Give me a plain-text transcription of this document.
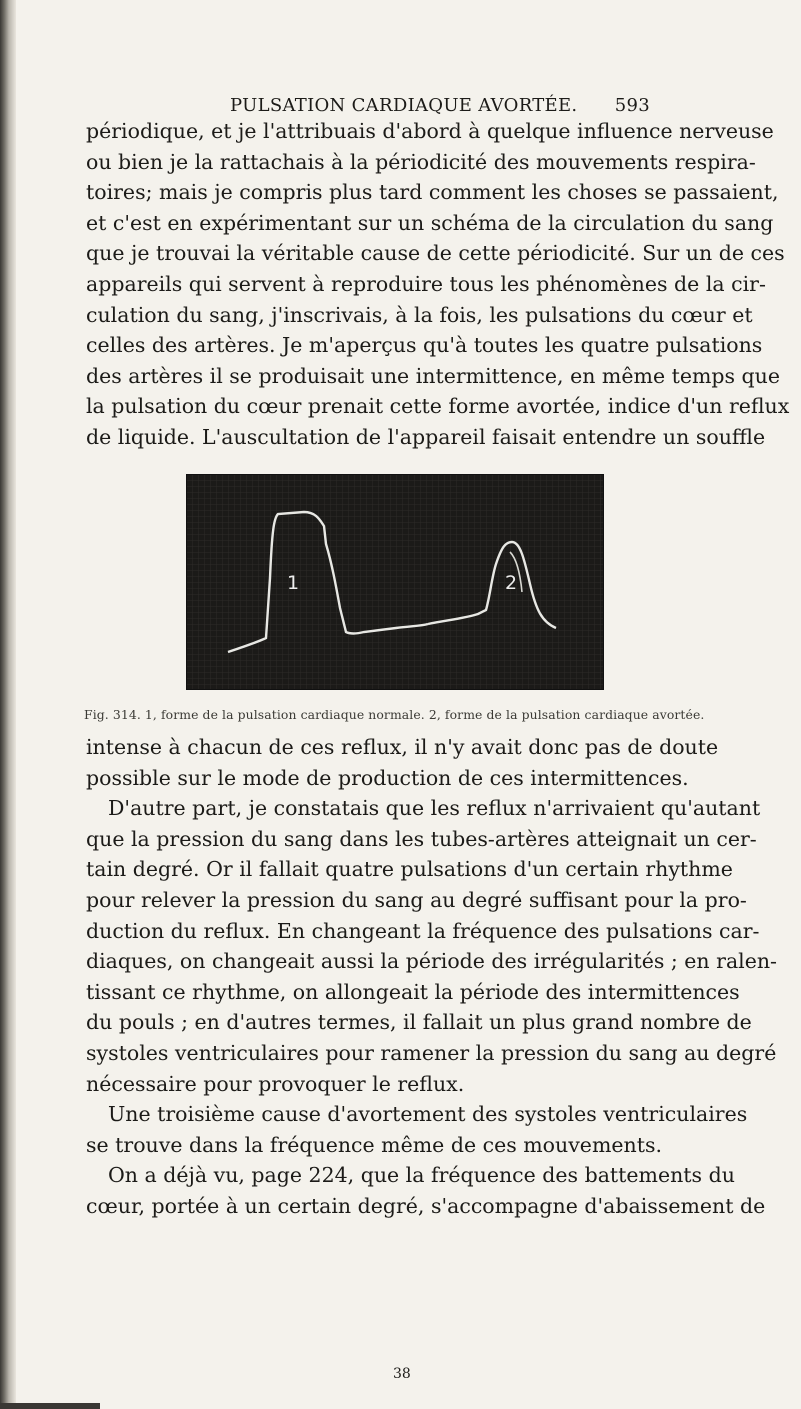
PULSATION CARDIAQUE AVORTÉE. 593
périodique, et je l'attribuais d'abord à quelque influence nerveuse
ou bien je la rattachais à la périodicité des mouvements respira-
toires; mais je compris plus tard comment les choses se passaient,
et c'est en expérimentant sur un schéma de la circulation du sang
que je trouvai la véritable cause de cette périodicité. Sur un de ces
appareils qui servent à reproduire tous les phénomènes de la cir-
culation du sang, j'inscrivais, à la fois, les pulsations du cœur et
celles des artères. Je m'aperçus qu'à toutes les quatre pulsations
des artères il se produisait une intermittence, en même temps que
la pulsation du cœur prenait cette forme avortée, indice d'un reflux
de liquide. L'auscultation de l'appareil faisait entendre un souffle
1	2
Fig. 314. 1, forme de la pulsation cardiaque normale. 2, forme de la pulsation cardiaque avortée.
intense à chacun de ces reflux, il n'y avait donc pas de doute
possible sur le mode de production de ces intermittences.
D'autre part, je constatais que les reflux n'arrivaient qu'autant
que la pression du sang dans les tubes-artères atteignait un cer-
tain degré. Or il fallait quatre pulsations d'un certain rhythme
pour relever la pression du sang au degré suffisant pour la pro-
duction du reflux. En changeant la fréquence des pulsations car-
diaques, on changeait aussi la période des irrégularités ; en ralen-
tissant ce rhythme, on allongeait la période des intermittences
du pouls ; en d'autres termes, il fallait un plus grand nombre de
systoles ventriculaires pour ramener la pression du sang au degré
nécessaire pour provoquer le reflux.
Une troisième cause d'avortement des systoles ventriculaires
se trouve dans la fréquence même de ces mouvements.
On a déjà vu, page 224, que la fréquence des battements du
cœur, portée à un certain degré, s'accompagne d'abaissement de
38
